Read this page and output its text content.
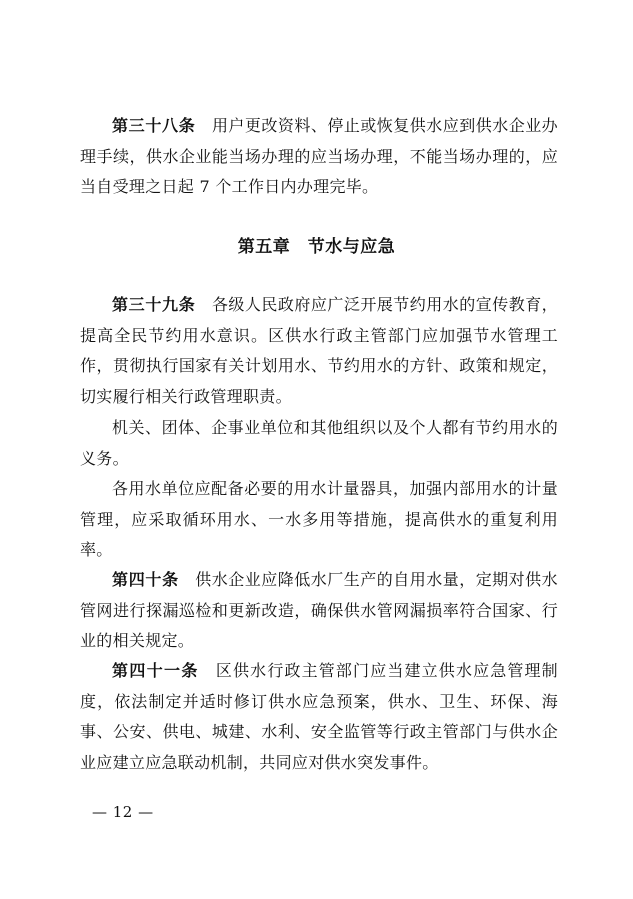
第三十八条　 用户更改资料、停止或恢复供水应到供水企业办理手续，供水企业能当场办理的应当场办理，不能当场办理的，应当自受理之日起 7 个工作日内办理完毕。

第五章　节水与应急

第三十九条　 各级人民政府应广泛开展节约用水的宣传教育，提高全民节约用水意识。区供水行政主管部门应加强节水管理工作，贯彻执行国家有关计划用水、节约用水的方针、政策和规定，切实履行相关行政管理职责。

机关、团体、企事业单位和其他组织以及个人都有节约用水的义务。

各用水单位应配备必要的用水计量器具，加强内部用水的计量管理，应采取循环用水、一水多用等措施，提高供水的重复利用率。

第四十条　 供水企业应降低水厂生产的自用水量，定期对供水管网进行探漏巡检和更新改造，确保供水管网漏损率符合国家、行业的相关规定。

第四十一条　 区供水行政主管部门应当建立供水应急管理制度，依法制定并适时修订供水应急预案，供水、卫生、环保、海事、公安、供电、城建、水利、安全监管等行政主管部门与供水企业应建立应急联动机制，共同应对供水突发事件。

— 12 —
